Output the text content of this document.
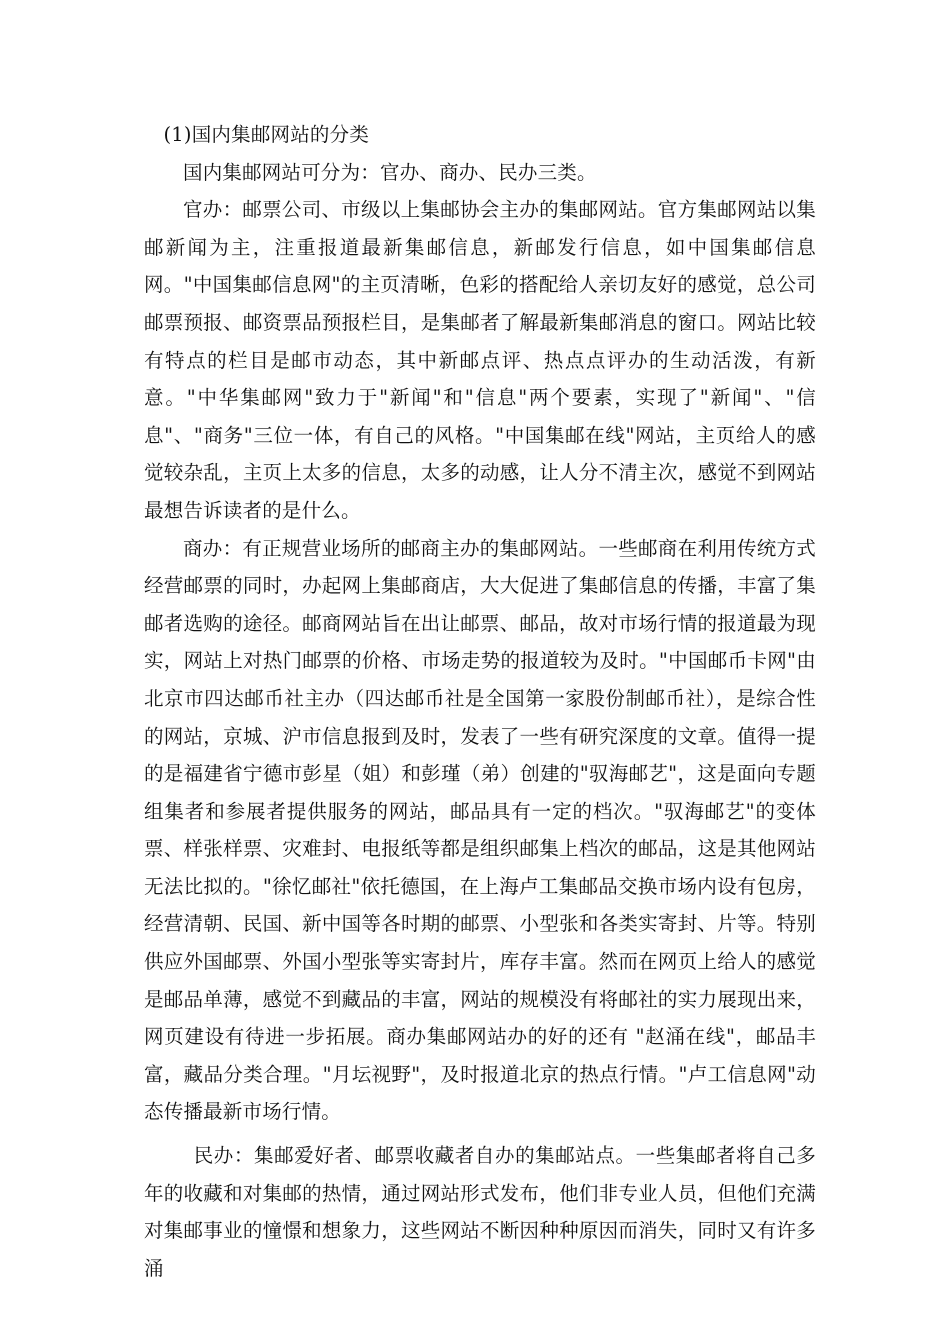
(1)国内集邮网站的分类

国内集邮网站可分为：官办、商办、民办三类。

官办：邮票公司、市级以上集邮协会主办的集邮网站。官方集邮网站以集邮新闻为主，注重报道最新集邮信息，新邮发行信息，如中国集邮信息网。"中国集邮信息网"的主页清晰，色彩的搭配给人亲切友好的感觉，总公司邮票预报、邮资票品预报栏目，是集邮者了解最新集邮消息的窗口。网站比较有特点的栏目是邮市动态，其中新邮点评、热点点评办的生动活泼，有新意。"中华集邮网"致力于"新闻"和"信息"两个要素，实现了"新闻"、"信息"、"商务"三位一体，有自己的风格。"中国集邮在线"网站，主页给人的感觉较杂乱，主页上太多的信息，太多的动感，让人分不清主次，感觉不到网站最想告诉读者的是什么。

商办：有正规营业场所的邮商主办的集邮网站。一些邮商在利用传统方式经营邮票的同时，办起网上集邮商店，大大促进了集邮信息的传播，丰富了集邮者选购的途径。邮商网站旨在出让邮票、邮品，故对市场行情的报道最为现实，网站上对热门邮票的价格、市场走势的报道较为及时。"中国邮币卡网"由北京市四达邮币社主办（四达邮币社是全国第一家股份制邮币社），是综合性的网站，京城、沪市信息报到及时，发表了一些有研究深度的文章。值得一提的是福建省宁德市彭星（姐）和彭瑾（弟）创建的"驭海邮艺"，这是面向专题组集者和参展者提供服务的网站，邮品具有一定的档次。"驭海邮艺"的变体票、样张样票、灾难封、电报纸等都是组织邮集上档次的邮品，这是其他网站无法比拟的。"徐忆邮社"依托德国，在上海卢工集邮品交换市场内设有包房，经营清朝、民国、新中国等各时期的邮票、小型张和各类实寄封、片等。特别供应外国邮票、外国小型张等实寄封片，库存丰富。然而在网页上给人的感觉是邮品单薄，感觉不到藏品的丰富，网站的规模没有将邮社的实力展现出来，网页建设有待进一步拓展。商办集邮网站办的好的还有 "赵涌在线"，邮品丰富，藏品分类合理。"月坛视野"，及时报道北京的热点行情。"卢工信息网"动态传播最新市场行情。

民办：集邮爱好者、邮票收藏者自办的集邮站点。一些集邮者将自己多年的收藏和对集邮的热情，通过网站形式发布，他们非专业人员，但他们充满对集邮事业的憧憬和想象力，这些网站不断因种种原因而消失，同时又有许多涌
